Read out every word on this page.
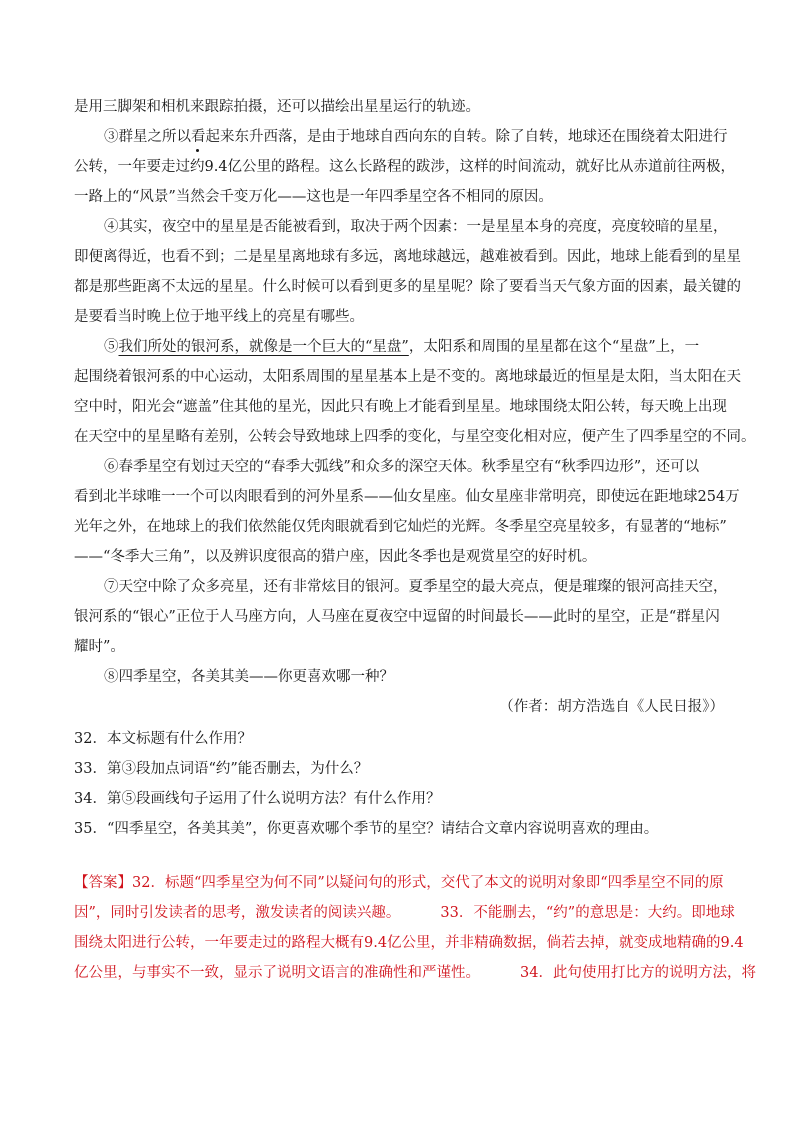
是用三脚架和相机来跟踪拍摄，还可以描绘出星星运行的轨迹。
③群星之所以看起来东升西落，是由于地球自西向东的自转。除了自转，地球还在围绕着太阳进行
公转，一年要走过约9.4亿公里的路程。这么长路程的跋涉，这样的时间流动，就好比从赤道前往两极，
一路上的“风景”当然会千变万化——这也是一年四季星空各不相同的原因。
④其实，夜空中的星星是否能被看到，取决于两个因素：一是星星本身的亮度，亮度较暗的星星，
即便离得近，也看不到；二是星星离地球有多远，离地球越远，越难被看到。因此，地球上能看到的星星
都是那些距离不太远的星星。什么时候可以看到更多的星星呢？除了要看当天气象方面的因素，最关键的
是要看当时晚上位于地平线上的亮星有哪些。
⑤我们所处的银河系，就像是一个巨大的“星盘”，太阳系和周围的星星都在这个“星盘”上，一
起围绕着银河系的中心运动，太阳系周围的星星基本上是不变的。离地球最近的恒星是太阳，当太阳在天
空中时，阳光会“遮盖”住其他的星光，因此只有晚上才能看到星星。地球围绕太阳公转，每天晚上出现
在天空中的星星略有差别，公转会导致地球上四季的变化，与星空变化相对应，便产生了四季星空的不同。
⑥春季星空有划过天空的“春季大弧线”和众多的深空天体。秋季星空有“秋季四边形”，还可以
看到北半球唯一一个可以肉眼看到的河外星系——仙女星座。仙女星座非常明亮，即使远在距地球254万
光年之外，在地球上的我们依然能仅凭肉眼就看到它灿烂的光辉。冬季星空亮星较多，有显著的“地标”
——“冬季大三角”，以及辨识度很高的猎户座，因此冬季也是观赏星空的好时机。
⑦天空中除了众多亮星，还有非常炫目的银河。夏季星空的最大亮点，便是璀璨的银河高挂天空，
银河系的“银心”正位于人马座方向，人马座在夏夜空中逗留的时间最长——此时的星空，正是“群星闪
耀时”。
⑧四季星空，各美其美——你更喜欢哪一种？
（作者：胡方浩选自《人民日报》）
32．本文标题有什么作用？
33．第③段加点词语“约”能否删去，为什么？
34．第⑤段画线句子运用了什么说明方法？有什么作用？
35．“四季星空，各美其美”，你更喜欢哪个季节的星空？请结合文章内容说明喜欢的理由。
【答案】32．标题“四季星空为何不同”以疑问句的形式，交代了本文的说明对象即“四季星空不同的原
因”，同时引发读者的思考，激发读者的阅读兴趣。	33．不能删去，“约”的意思是：大约。即地球
围绕太阳进行公转，一年要走过的路程大概有9.4亿公里，并非精确数据，倘若去掉，就变成地精确的9.4
亿公里，与事实不一致，显示了说明文语言的准确性和严谨性。	34．此句使用打比方的说明方法，将
